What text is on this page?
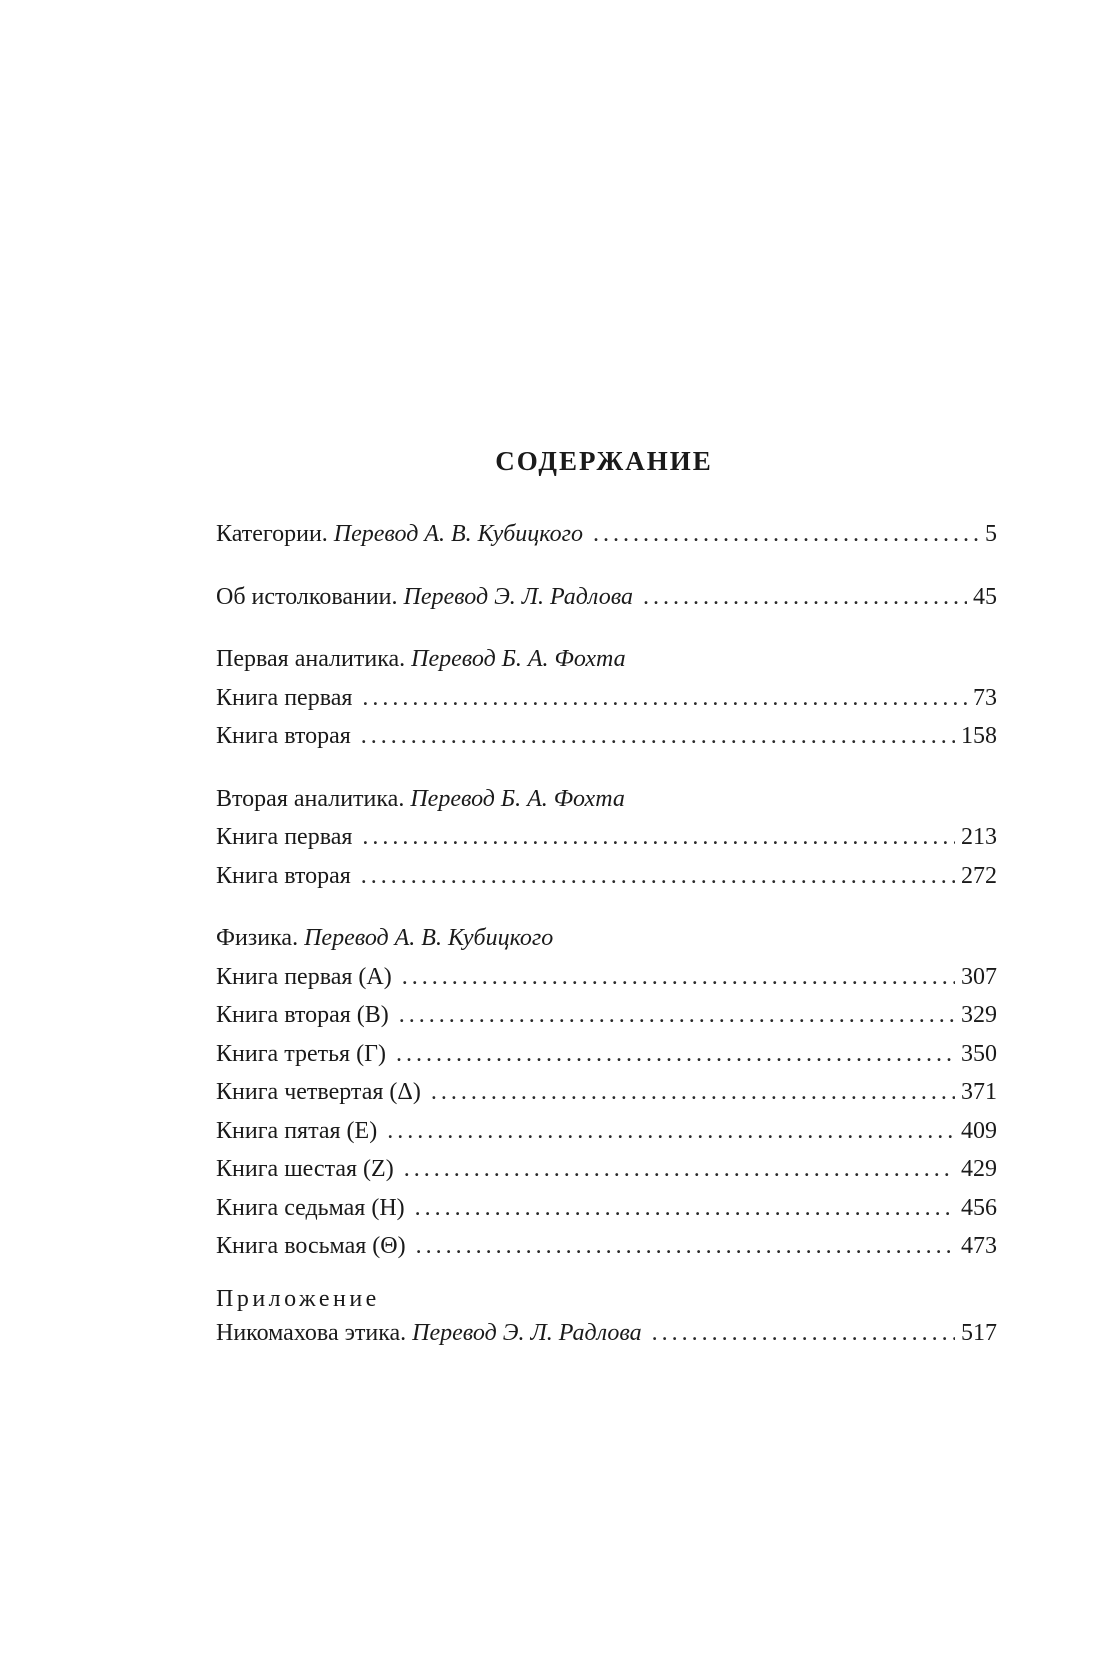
СОДЕРЖАНИЕ
Категории. Перевод А. В. Кубицкого . . .	5
Об истолковании. Перевод Э. Л. Радлова . . .	45
Первая аналитика. Перевод Б. А. Фохта
Книга первая . . .	73
Книга вторая . . .	158
Вторая аналитика. Перевод Б. А. Фохта
Книга первая . . .	213
Книга вторая . . .	272
Физика. Перевод А. В. Кубицкого
Книга первая (А) . . .	307
Книга вторая (В) . . .	329
Книга третья (Г) . . .	350
Книга четвертая (Δ) . . .	371
Книга пятая (Е) . . .	409
Книга шестая (Z) . . .	429
Книга седьмая (Н) . . .	456
Книга восьмая (Θ) . . .	473
Приложение
Никомахова этика. Перевод Э. Л. Радлова . . .	517
